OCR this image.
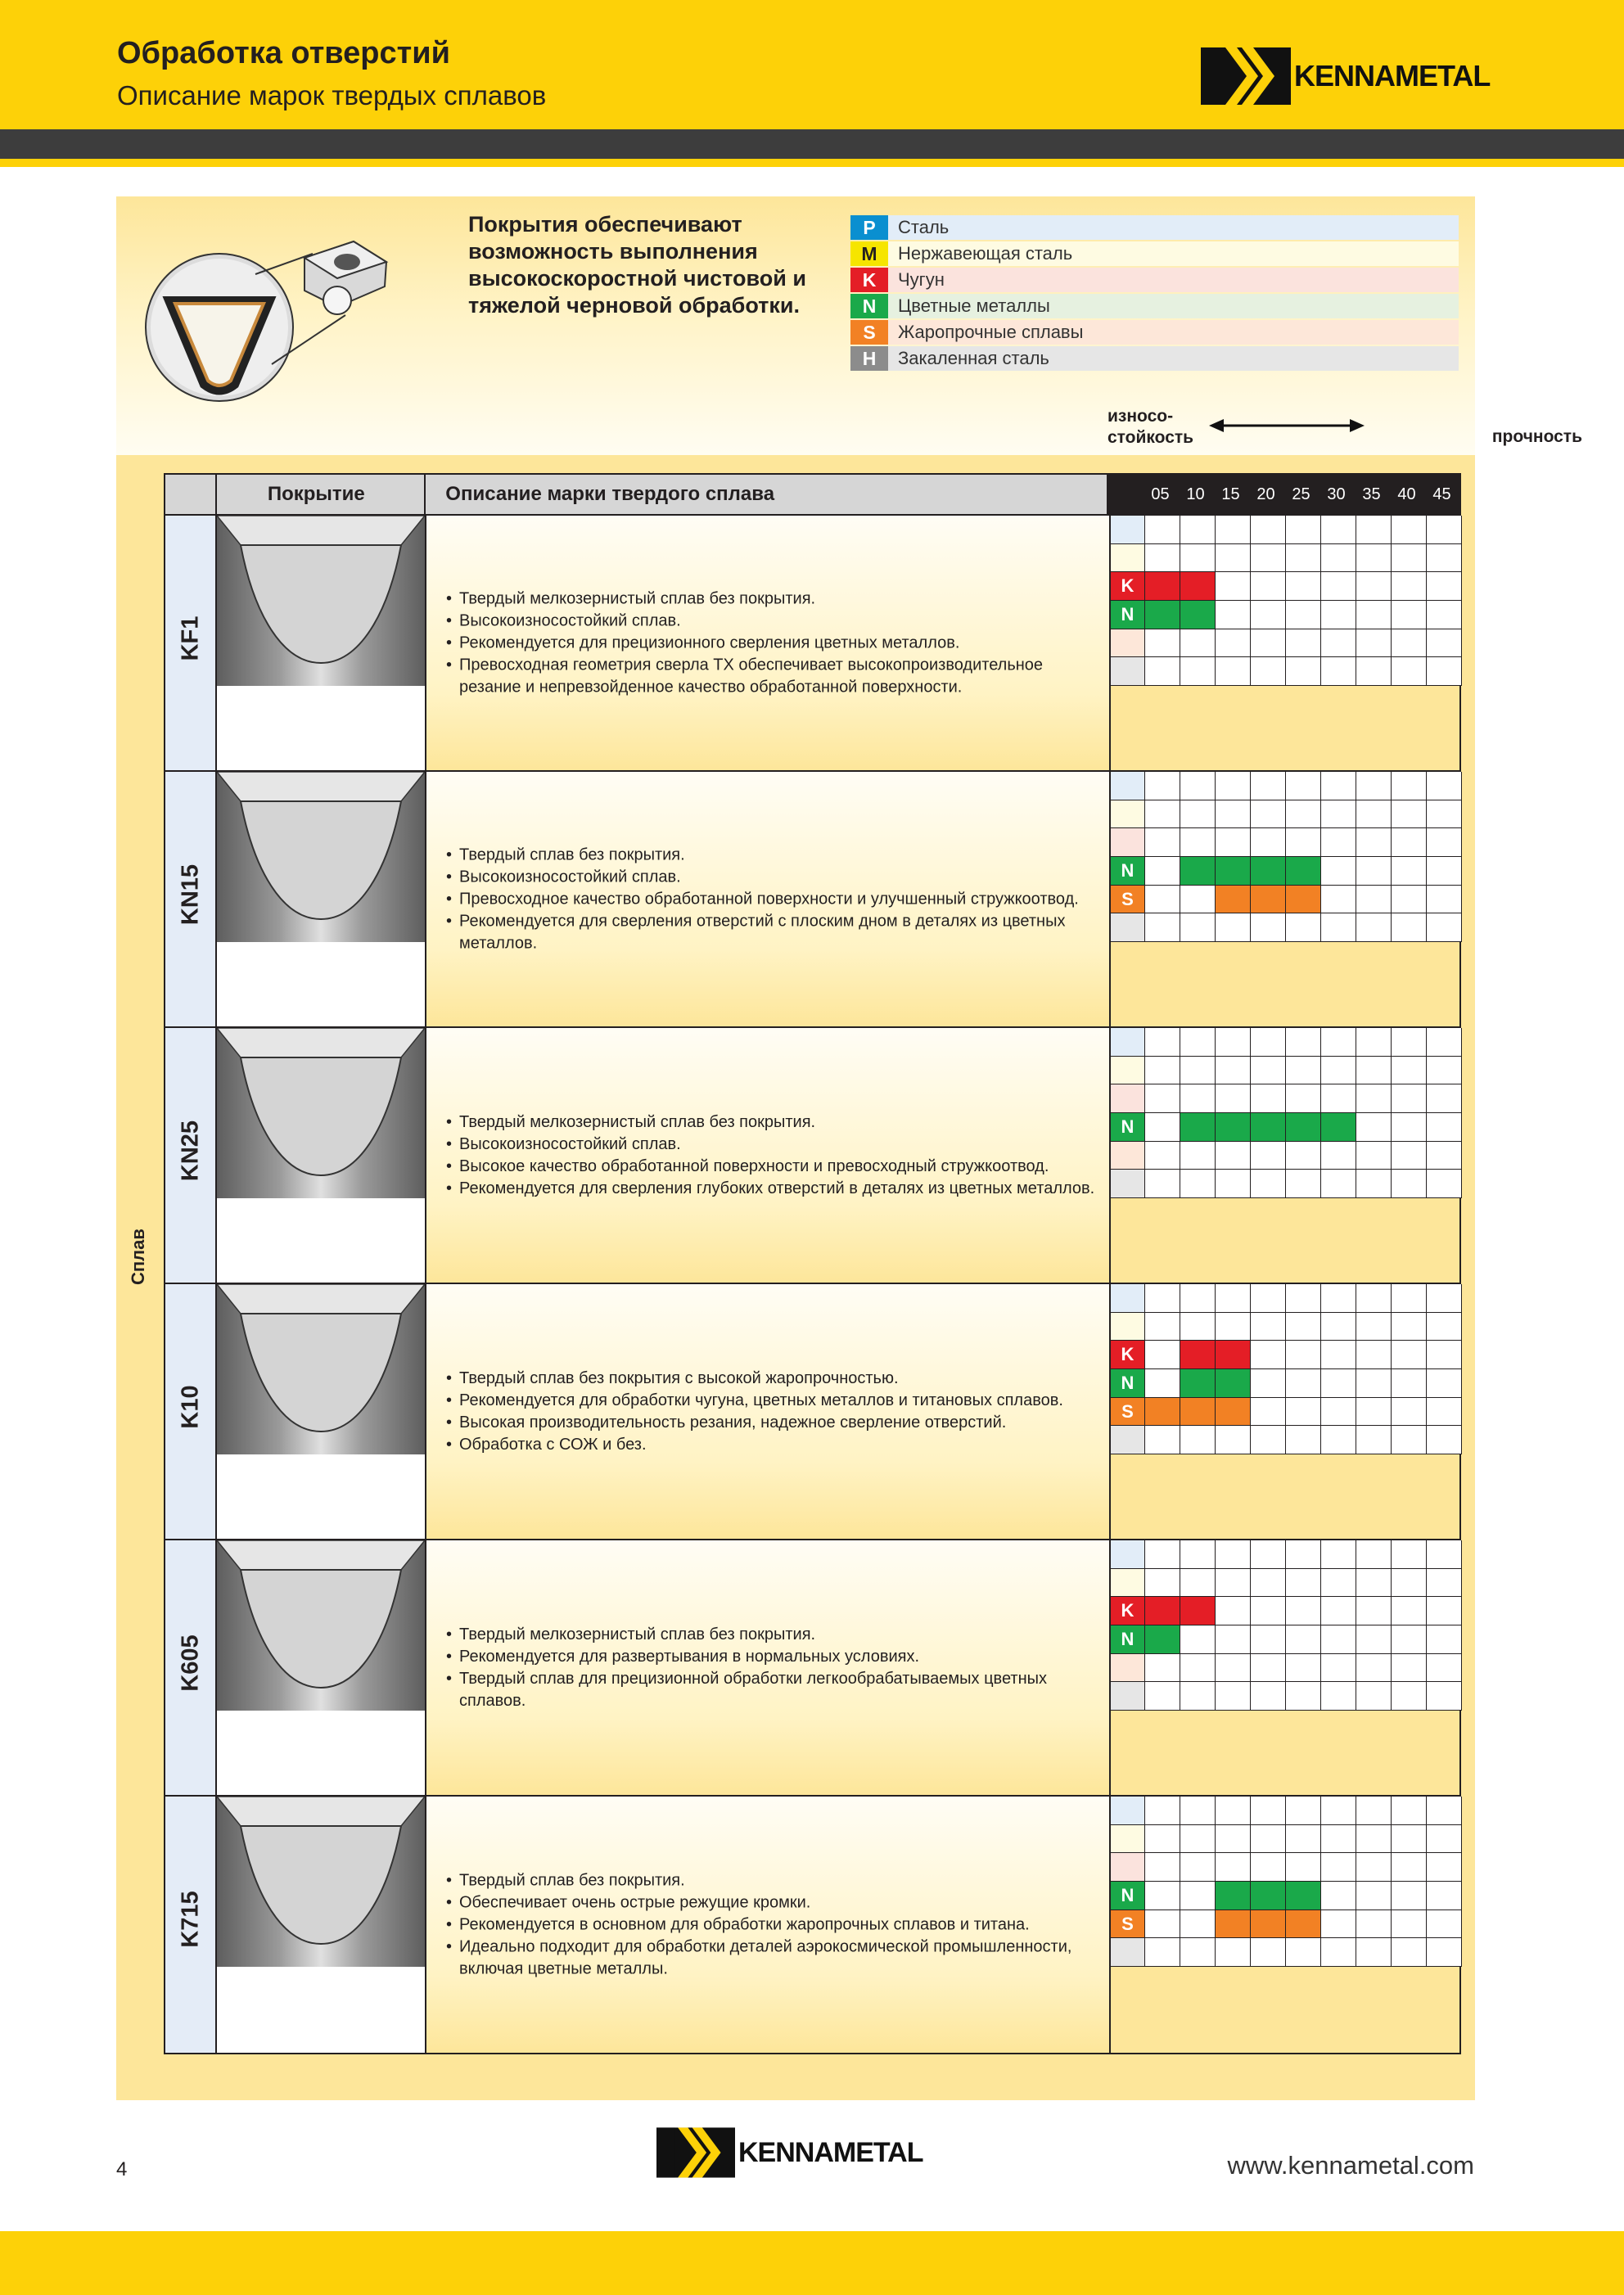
Обработка отверстий
Описание марок твердых сплавов
KENNAMETAL
Покрытия обеспечивают возможность выполнения высокоскоростной чистовой и тяжелой черновой обработки.
P	Сталь
M	Нержавеющая сталь
K	Чугун
N	Цветные металлы
S	Жаропрочные сплавы
H	Закаленная сталь
износо-
стойкость	прочность
Сплав
Покрытие	Описание марки твердого сплава	05	10	15	20	25	30	35	40	45
KF1
• Твердый мелкозернистый сплав без покрытия.
• Высокоизносостойкий сплав.
• Рекомендуется для прецизионного сверления цветных металлов.
• Превосходная геометрия сверла TX обеспечивает высокопроизводительное резание и непревзойденное качество обработанной поверхности.
K
N
KN15
• Твердый сплав без покрытия.
• Высокоизносостойкий сплав.
• Превосходное качество обработанной поверхности и улучшенный стружкоотвод.
• Рекомендуется для сверления отверстий с плоским дном в деталях из цветных металлов.
N
S
KN25
•	Твердый мелкозернистый сплав без покрытия.
• Высокоизносостойкий сплав.
• Высокое качество обработанной поверхности и превосходный стружкоотвод.
• Рекомендуется для сверления глубоких отверстий в деталях из цветных металлов.
N
K10
• Твердый сплав без покрытия с высокой жаропрочностью.
• Рекомендуется для обработки чугуна, цветных металлов и титановых сплавов.
• Высокая производительность резания, надежное сверление отверстий.
• Обработка с СОЖ и без.
K
N
S
K605
• Твердый мелкозернистый сплав без покрытия.
• Рекомендуется для развертывания в нормальных условиях.
• Твердый сплав для прецизионной обработки легкообрабатываемых цветных сплавов.
K
N
K715
• Твердый сплав без покрытия.
• Обеспечивает очень острые режущие кромки.
• Рекомендуется в основном для обработки жаропрочных сплавов и титана.
• Идеально подходит для обработки деталей аэрокосмической промышленности, включая цветные металлы.
N
S
4
KENNAMETAL	www.kennametal.com
